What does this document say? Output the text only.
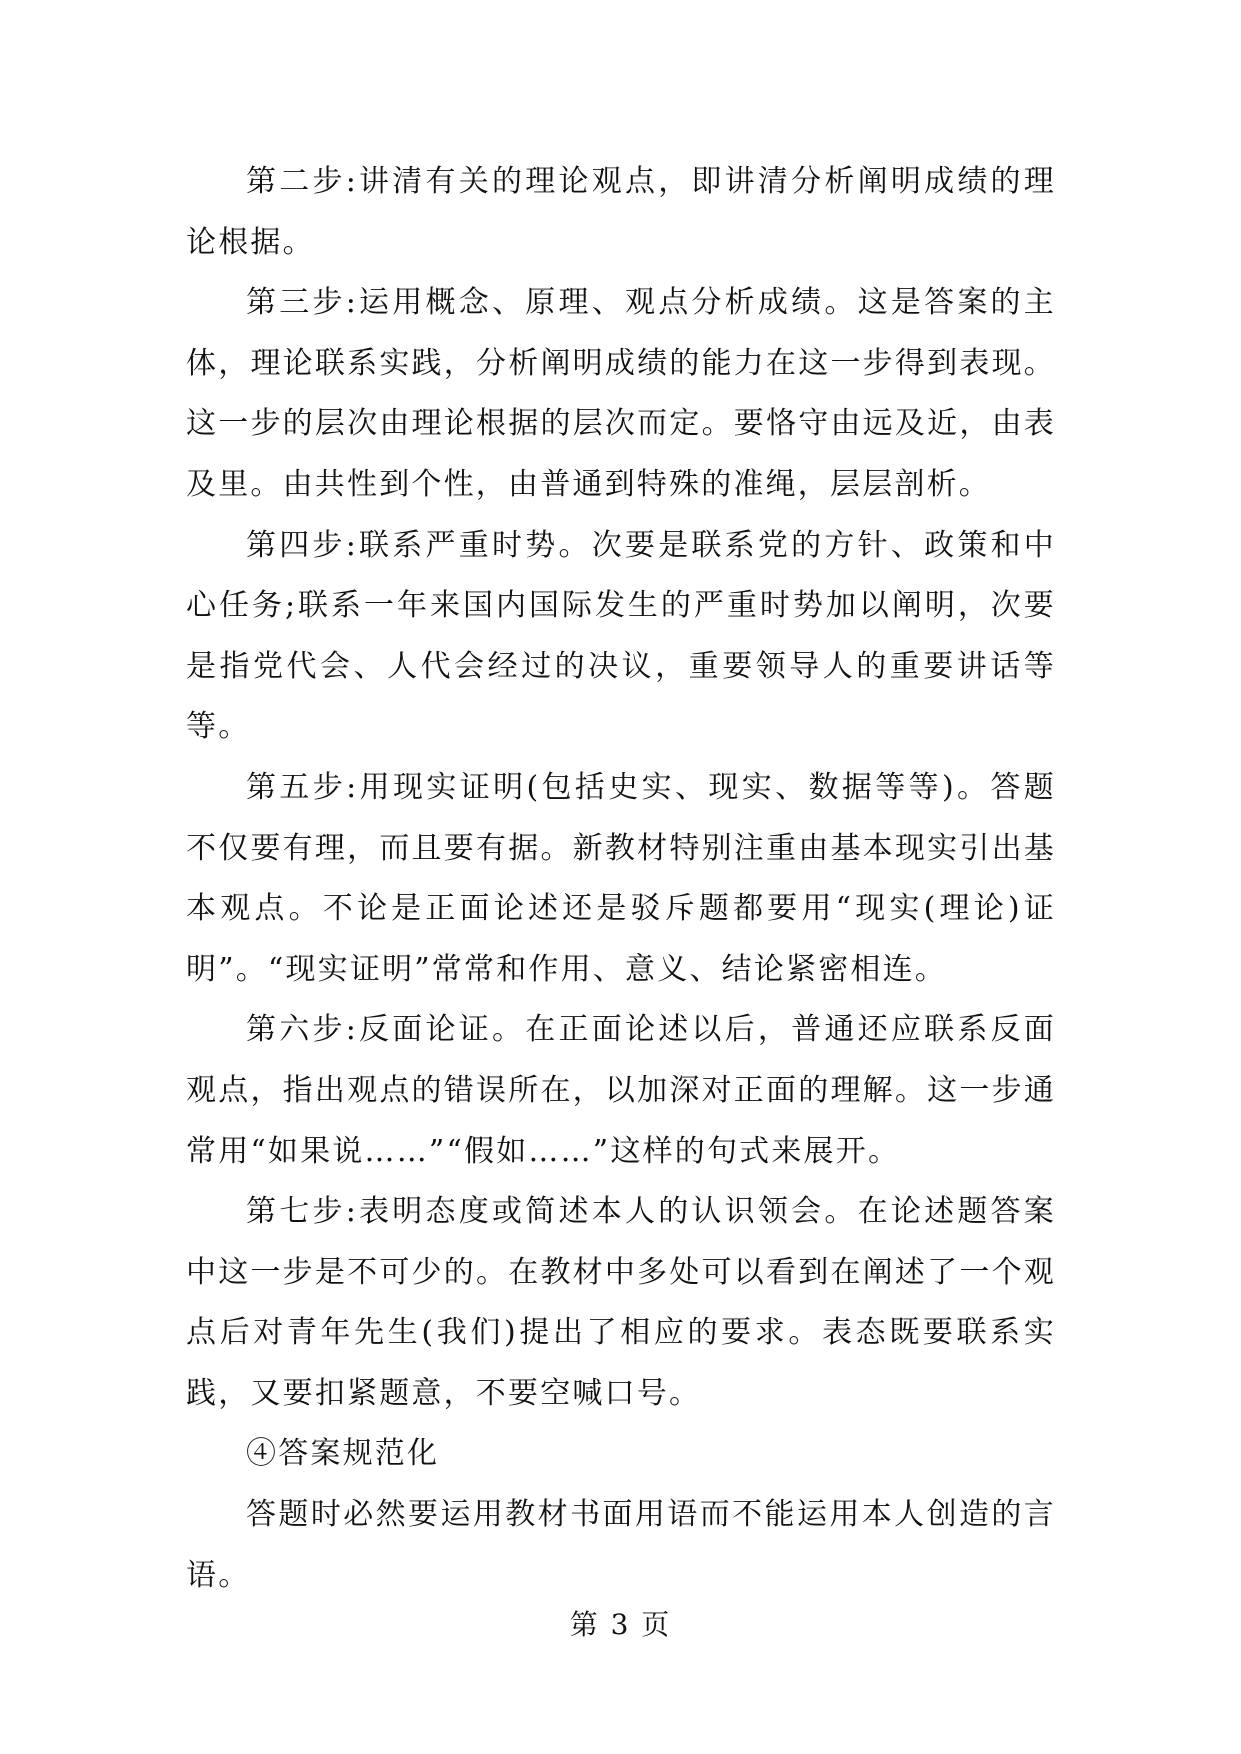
第二步:讲清有关的理论观点，即讲清分析阐明成绩的理论根据。

第三步:运用概念、原理、观点分析成绩。这是答案的主体，理论联系实践，分析阐明成绩的能力在这一步得到表现。这一步的层次由理论根据的层次而定。要恪守由远及近，由表及里。由共性到个性，由普通到特殊的准绳，层层剖析。

第四步:联系严重时势。次要是联系党的方针、政策和中心任务;联系一年来国内国际发生的严重时势加以阐明，次要是指党代会、人代会经过的决议，重要领导人的重要讲话等等。

第五步:用现实证明(包括史实、现实、数据等等)。答题不仅要有理，而且要有据。新教材特别注重由基本现实引出基本观点。不论是正面论述还是驳斥题都要用“现实(理论)证明”。“现实证明”常常和作用、意义、结论紧密相连。

第六步:反面论证。在正面论述以后，普通还应联系反面观点，指出观点的错误所在，以加深对正面的理解。这一步通常用“如果说……”“假如……”这样的句式来展开。

第七步:表明态度或简述本人的认识领会。在论述题答案中这一步是不可少的。在教材中多处可以看到在阐述了一个观点后对青年先生(我们)提出了相应的要求。表态既要联系实践，又要扣紧题意，不要空喊口号。

④答案规范化

答题时必然要运用教材书面用语而不能运用本人创造的言语。

第 3 页
